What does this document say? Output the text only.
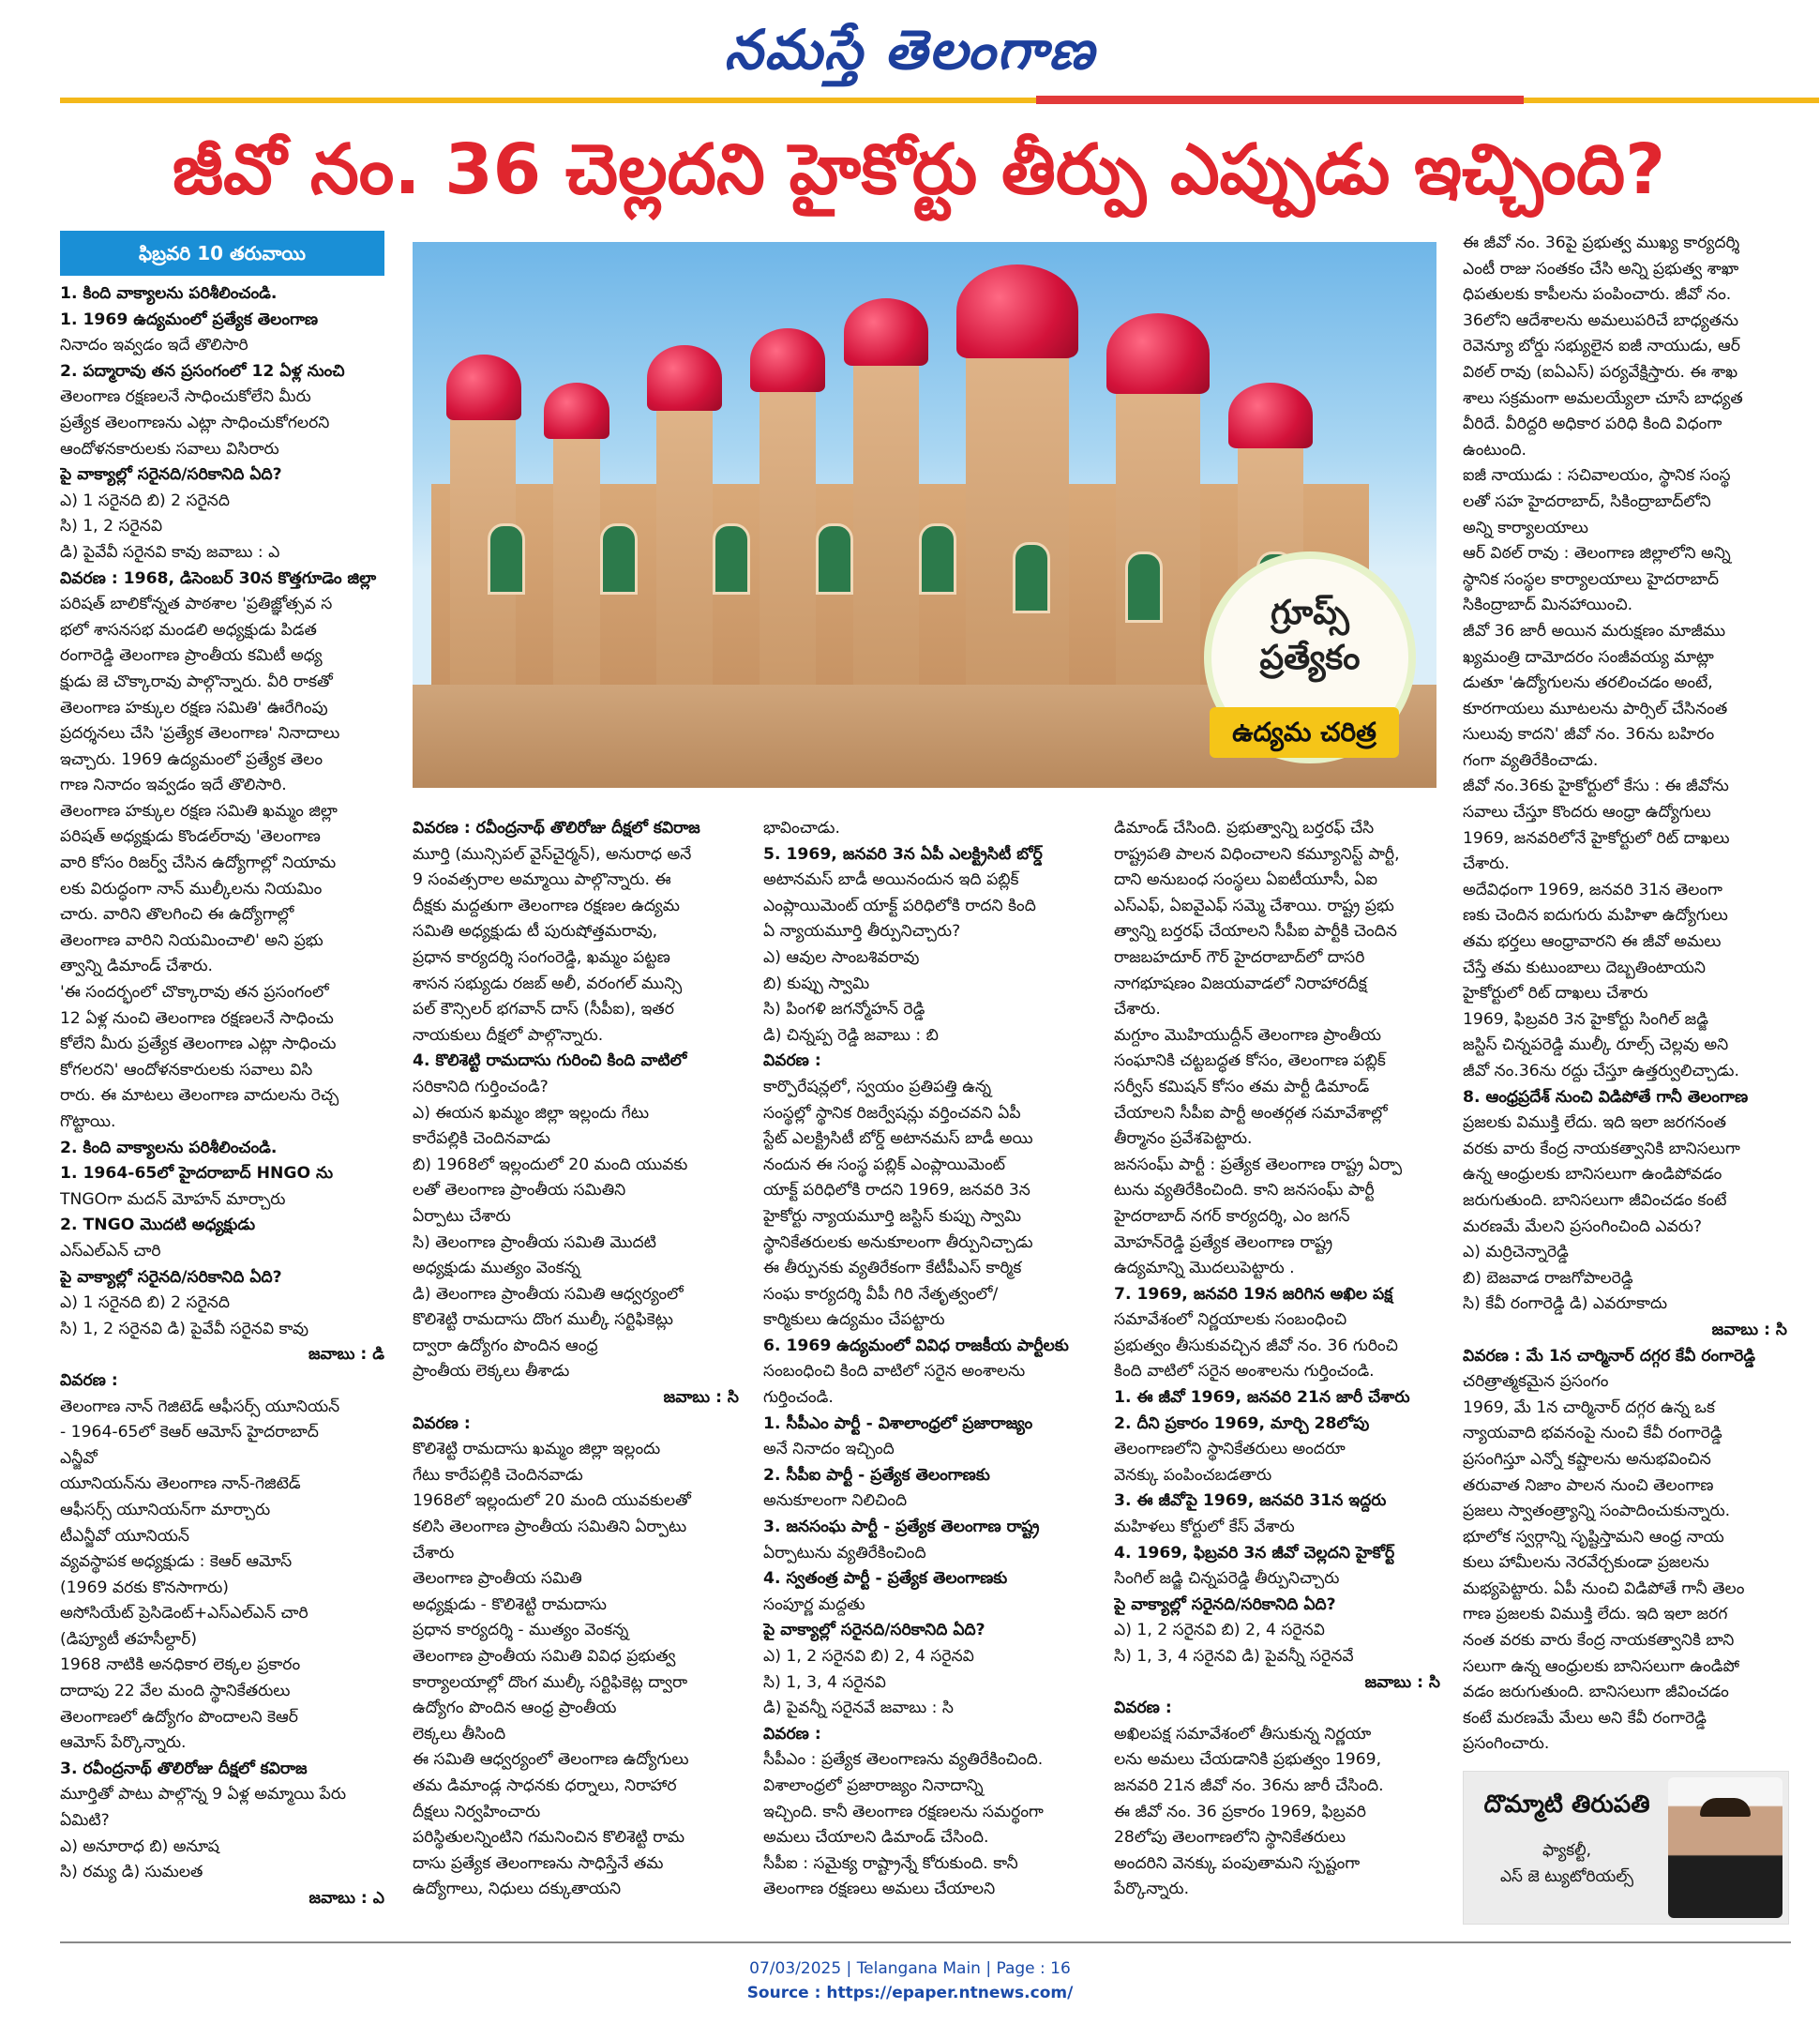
నమస్తే తెలంగాణ
జీవో నం. 36 చెల్లదని హైకోర్టు తీర్పు ఎప్పుడు ఇచ్చింది?
ఫిబ్రవరి 10 తరువాయి
గ్రూప్స్
ప్రత్యేకం
ఉద్యమ చరిత్ర

1. కింది వాక్యాలను పరిశీలించండి.

1. 1969 ఉద్యమంలో ప్రత్యేక తెలంగాణ

నినాదం ఇవ్వడం ఇదే తొలిసారి

2. పద్మారావు తన ప్రసంగంలో 12 ఏళ్ల నుంచి

తెలంగాణ రక్షణలనే సాధించుకోలేని మీరు

ప్రత్యేక తెలంగాణను ఎట్లా సాధించుకోగలరని

ఆందోళనకారులకు సవాలు విసిరారు

పై వాక్యాల్లో సరైనది/సరికానిది ఏది?

ఎ) 1 సరైనది బి) 2 సరైనది

సి) 1, 2 సరైనవి

డి) పైవేవీ సరైనవి కావు జవాబు : ఎ

వివరణ : 1968, డిసెంబర్ 30న కొత్తగూడెం జిల్లా

పరిషత్ బాలికోన్నత పాఠశాల 'ప్రతిజ్ఞోత్సవ స

భలో శాసనసభ మండలి అధ్యక్షుడు పిడత

రంగారెడ్డి తెలంగాణ ప్రాంతీయ కమిటీ అధ్య

క్షుడు జె చొక్కారావు పాల్గొన్నారు. వీరి రాకతో

తెలంగాణ హక్కుల రక్షణ సమితి' ఊరేగింపు

ప్రదర్శనలు చేసి 'ప్రత్యేక తెలంగాణ' నినాదాలు

ఇచ్చారు. 1969 ఉద్యమంలో ప్రత్యేక తెలం

గాణ నినాదం ఇవ్వడం ఇదే తొలిసారి.

తెలంగాణ హక్కుల రక్షణ సమితి ఖమ్మం జిల్లా

పరిషత్ అధ్యక్షుడు కొండల్‌రావు 'తెలంగాణ

వారి కోసం రిజర్వ్ చేసిన ఉద్యోగాల్లో నియామ

లకు విరుద్ధంగా నాన్ ముల్కీలను నియమిం

చారు. వారిని తొలగించి ఈ ఉద్యోగాల్లో

తెలంగాణ వారిని నియమించాలి' అని ప్రభు

త్వాన్ని డిమాండ్ చేశారు.

'ఈ సందర్భంలో చొక్కారావు తన ప్రసంగంలో

12 ఏళ్ల నుంచి తెలంగాణ రక్షణలనే సాధించు

కోలేని మీరు ప్రత్యేక తెలంగాణ ఎట్లా సాధించు

కోగలరని' ఆందోళనకారులకు సవాలు విసి

రారు. ఈ మాటలు తెలంగాణ వాదులను రెచ్చ

గొట్టాయి.

2. కింది వాక్యాలను పరిశీలించండి.

1. 1964-65లో హైదరాబాద్ HNGO ను

TNGOగా మదన్ మోహన్ మార్చారు

2. TNGO మొదటి అధ్యక్షుడు

ఎస్ఎల్ఎన్ చారి

పై వాక్యాల్లో సరైనది/సరికానిది ఏది?

ఎ) 1 సరైనది బి) 2 సరైనది

సి) 1, 2 సరైనవి డి) పైవేవీ సరైనవి కావు

జవాబు : డి

వివరణ :

తెలంగాణ నాన్ గెజిటెడ్ ఆఫీసర్స్ యూనియన్

- 1964-65లో కెఆర్ ఆమోస్ హైదరాబాద్

ఎన్జీవో

యూనియన్‌ను తెలంగాణ నాన్-గెజిటెడ్

ఆఫీసర్స్ యూనియన్‌గా మార్చారు

టీఎన్జీవో యూనియన్

వ్యవస్థాపక అధ్యక్షుడు : కెఆర్ ఆమోస్

(1969 వరకు కొనసాగారు)

అసోసియేట్ ప్రెసిడెంట్+ఎస్ఎల్ఎన్ చారి

(డిప్యూటీ తహసీల్దార్)

1968 నాటికి అనధికార లెక్కల ప్రకారం

దాదాపు 22 వేల మంది స్థానికేతరులు

తెలంగాణలో ఉద్యోగం పొందాలని కెఆర్

ఆమోస్ పేర్కొన్నారు.

3. రవీంద్రనాథ్ తొలిరోజు దీక్షలో కవిరాజ

మూర్తితో పాటు పాల్గొన్న 9 ఏళ్ల అమ్మాయి పేరు

ఏమిటి?

ఎ) అనూరాధ బి) అనూష

సి) రమ్య డి) సుమలత

జవాబు : ఎ

వివరణ : రవీంద్రనాథ్ తొలిరోజు దీక్షలో కవిరాజ

మూర్తి (మున్సిపల్ వైస్‌చైర్మన్), అనురాధ అనే

9 సంవత్సరాల అమ్మాయి పాల్గొన్నారు. ఈ

దీక్షకు మద్దతుగా తెలంగాణ రక్షణల ఉద్యమ

సమితి అధ్యక్షుడు టీ పురుషోత్తమరావు,

ప్రధాన కార్యదర్శి సంగంరెడ్డి, ఖమ్మం పట్టణ

శాసన సభ్యుడు రజబ్ అలీ, వరంగల్ మున్సి

పల్ కౌన్సిలర్ భగవాన్ దాస్ (సీపీఐ), ఇతర

నాయకులు దీక్షలో పాల్గొన్నారు.

4. కొలిశెట్టి రామదాసు గురించి కింది వాటిలో

సరికానిది గుర్తించండి?

ఎ) ఈయన ఖమ్మం జిల్లా ఇల్లందు గేటు

కారేపల్లికి చెందినవాడు

బి) 1968లో ఇల్లందులో 20 మంది యువకు

లతో తెలంగాణ ప్రాంతీయ సమితిని

ఏర్పాటు చేశారు

సి) తెలంగాణ ప్రాంతీయ సమితి మొదటి

అధ్యక్షుడు ముత్యం వెంకన్న

డి) తెలంగాణ ప్రాంతీయ సమితి ఆధ్వర్యంలో

కొలిశెట్టి రామదాసు దొంగ ముల్కీ సర్టిఫికెట్లు

ద్వారా ఉద్యోగం పొందిన ఆంధ్ర

ప్రాంతీయ లెక్కలు తీశాడు

జవాబు : సి

వివరణ :

కొలిశెట్టి రామదాసు ఖమ్మం జిల్లా ఇల్లందు

గేటు కారేపల్లికి చెందినవాడు

1968లో ఇల్లందులో 20 మంది యువకులతో

కలిసి తెలంగాణ ప్రాంతీయ సమితిని ఏర్పాటు

చేశారు

తెలంగాణ ప్రాంతీయ సమితి

అధ్యక్షుడు - కొలిశెట్టి రామదాసు

ప్రధాన కార్యదర్శి - ముత్యం వెంకన్న

తెలంగాణ ప్రాంతీయ సమితి వివిధ ప్రభుత్వ

కార్యాలయాల్లో దొంగ ముల్కీ సర్టిఫికెట్ల ద్వారా

ఉద్యోగం పొందిన ఆంధ్ర ప్రాంతీయ

లెక్కలు తీసింది

ఈ సమితి ఆధ్వర్యంలో తెలంగాణ ఉద్యోగులు

తమ డిమాండ్ల సాధనకు ధర్నాలు, నిరాహార

దీక్షలు నిర్వహించారు

పరిస్థితులన్నింటిని గమనించిన కొలిశెట్టి రామ

దాసు ప్రత్యేక తెలంగాణను సాధిస్తేనే తమ

ఉద్యోగాలు, నిధులు దక్కుతాయని

భావించాడు.

5. 1969, జనవరి 3న ఏపీ ఎలక్ట్రిసిటీ బోర్డ్

అటానమస్ బాడీ అయినందున ఇది పబ్లిక్

ఎంప్లాయిమెంట్ యాక్ట్ పరిధిలోకి రాదని కింది

ఏ న్యాయమూర్తి తీర్పునిచ్చారు?

ఎ) ఆవుల సాంబశివరావు

బి) కుప్పు స్వామి

సి) పింగళి జగన్మోహన్ రెడ్డి

డి) చిన్నప్ప రెడ్డి జవాబు : బి

వివరణ :

కార్పొరేషన్లలో, స్వయం ప్రతిపత్తి ఉన్న

సంస్థల్లో స్థానిక రిజర్వేషన్లు వర్తించవని ఏపీ

స్టేట్ ఎలక్ట్రిసిటీ బోర్డ్ అటానమస్ బాడీ అయి

నందున ఈ సంస్థ పబ్లిక్ ఎంప్లాయిమెంట్

యాక్ట్ పరిధిలోకి రాదని 1969, జనవరి 3న

హైకోర్టు న్యాయమూర్తి జస్టిస్ కుప్పు స్వామి

స్థానికేతరులకు అనుకూలంగా తీర్పునిచ్చాడు

ఈ తీర్పునకు వ్యతిరేకంగా కేటీపీఎస్ కార్మిక

సంఘ కార్యదర్శి వీపీ గిరి నేతృత్వంలో/

కార్మికులు ఉద్యమం చేపట్టారు

6. 1969 ఉద్యమంలో వివిధ రాజకీయ పార్టీలకు

సంబంధించి కింది వాటిలో సరైన అంశాలను

గుర్తించండి.

1. సీపీఎం పార్టీ - విశాలాంధ్రలో ప్రజారాజ్యం

అనే నినాదం ఇచ్చింది

2. సీపీఐ పార్టీ - ప్రత్యేక తెలంగాణకు

అనుకూలంగా నిలిచింది

3. జనసంఘ పార్టీ - ప్రత్యేక తెలంగాణ రాష్ట్ర

ఏర్పాటును వ్యతిరేకించింది

4. స్వతంత్ర పార్టీ - ప్రత్యేక తెలంగాణకు

సంపూర్ణ మద్దతు

పై వాక్యాల్లో సరైనది/సరికానిది ఏది?

ఎ) 1, 2 సరైనవి బి) 2, 4 సరైనవి

సి) 1, 3, 4 సరైనవి

డి) పైవన్నీ సరైనవే జవాబు : సి

వివరణ :

సీపీఎం : ప్రత్యేక తెలంగాణను వ్యతిరేకించింది.

విశాలాంధ్రలో ప్రజారాజ్యం నినాదాన్ని

ఇచ్చింది. కానీ తెలంగాణ రక్షణలను సమర్థంగా

అమలు చేయాలని డిమాండ్ చేసింది.

సీపీఐ : సమైక్య రాష్ట్రాన్నే కోరుకుంది. కానీ

తెలంగాణ రక్షణలు అమలు చేయాలని

డిమాండ్ చేసింది. ప్రభుత్వాన్ని బర్తరఫ్ చేసి

రాష్ట్రపతి పాలన విధించాలని కమ్యూనిస్ట్ పార్టీ,

దాని అనుబంధ సంస్థలు ఏఐటీయూసీ, ఏఐ

ఎస్ఎఫ్, ఏఐవైఎఫ్ సమ్మె చేశాయి. రాష్ట్ర ప్రభు

త్వాన్ని బర్తరఫ్ చేయాలని సీపీఐ పార్టీకి చెందిన

రాజబహదూర్ గౌర్ హైదరాబాద్‌లో దాసరి

నాగభూషణం విజయవాడలో నిరాహారదీక్ష

చేశారు.

మగ్దూం మొహియుద్దీన్ తెలంగాణ ప్రాంతీయ

సంఘానికి చట్టబద్ధత కోసం, తెలంగాణ పబ్లిక్

సర్వీస్ కమిషన్ కోసం తమ పార్టీ డిమాండ్

చేయాలని సీపీఐ పార్టీ అంతర్గత సమావేశాల్లో

తీర్మానం ప్రవేశపెట్టారు.

జనసంఘ్ పార్టీ : ప్రత్యేక తెలంగాణ రాష్ట్ర ఏర్పా

టును వ్యతిరేకించింది. కాని జనసంఘ్ పార్టీ

హైదరాబాద్ నగర్ కార్యదర్శి, ఎం జగన్

మోహన్‌రెడ్డి ప్రత్యేక తెలంగాణ రాష్ట్ర

ఉద్యమాన్ని మొదలుపెట్టారు .

7. 1969, జనవరి 19న జరిగిన అఖిల పక్ష

సమావేశంలో నిర్ణయాలకు సంబంధించి

ప్రభుత్వం తీసుకువచ్చిన జీవో నం. 36 గురించి

కింది వాటిలో సరైన అంశాలను గుర్తించండి.

1. ఈ జీవో 1969, జనవరి 21న జారీ చేశారు

2. దీని ప్రకారం 1969, మార్చి 28లోపు

తెలంగాణలోని స్థానికేతరులు అందరూ

వెనక్కు పంపించబడతారు

3. ఈ జీవోపై 1969, జనవరి 31న ఇద్దరు

మహిళలు కోర్టులో కేస్ వేశారు

4. 1969, ఫిబ్రవరి 3న జీవో చెల్లదని హైకోర్ట్

సింగిల్ జడ్జి చిన్నపరెడ్డి తీర్పునిచ్చారు

పై వాక్యాల్లో సరైనది/సరికానిది ఏది?

ఎ) 1, 2 సరైనవి బి) 2, 4 సరైనవి

సి) 1, 3, 4 సరైనవి డి) పైవన్నీ సరైనవే

జవాబు : సి

వివరణ :

అఖిలపక్ష సమావేశంలో తీసుకున్న నిర్ణయా

లను అమలు చేయడానికి ప్రభుత్వం 1969,

జనవరి 21న జీవో నం. 36ను జారీ చేసింది.

ఈ జీవో నం. 36 ప్రకారం 1969, ఫిబ్రవరి

28లోపు తెలంగాణలోని స్థానికేతరులు

అందరిని వెనక్కు పంపుతామని స్పష్టంగా

పేర్కొన్నారు.

ఈ జీవో నం. 36పై ప్రభుత్వ ముఖ్య కార్యదర్శి

ఎంటీ రాజు సంతకం చేసి అన్ని ప్రభుత్వ శాఖా

ధిపతులకు కాపీలను పంపించారు. జీవో నం.

36లోని ఆదేశాలను అమలుపరిచే బాధ్యతను

రెవెన్యూ బోర్డు సభ్యులైన ఐజీ నాయుడు, ఆర్

విఠల్ రావు (ఐఏఎస్) పర్యవేక్షిస్తారు. ఈ శాఖ

శాలు సక్రమంగా అమలయ్యేలా చూసే బాధ్యత

వీరిదే. వీరిద్దరి అధికార పరిధి కింది విధంగా

ఉంటుంది.

ఐజీ నాయుడు : సచివాలయం, స్థానిక సంస్థ

లతో సహ హైదరాబాద్, సికింద్రాబాద్‌లోని

అన్ని కార్యాలయాలు

ఆర్ విఠల్ రావు : తెలంగాణ జిల్లాలోని అన్ని

స్థానిక సంస్థల కార్యాలయాలు హైదరాబాద్

సికింద్రాబాద్ మినహాయించి.

జీవో 36 జారీ అయిన మరుక్షణం మాజీము

ఖ్యమంత్రి దామోదరం సంజీవయ్య మాట్లా

డుతూ 'ఉద్యోగులను తరలించడం అంటే,

కూరగాయలు మూటలను పార్సిల్ చేసినంత

సులువు కాదని' జీవో నం. 36ను బహిరం

గంగా వ్యతిరేకించాడు.

జీవో నం.36కు హైకోర్టులో కేసు : ఈ జీవోను

సవాలు చేస్తూ కొందరు ఆంధ్రా ఉద్యోగులు

1969, జనవరిలోనే హైకోర్టులో రిట్ దాఖలు

చేశారు.

అదేవిధంగా 1969, జనవరి 31న తెలంగా

ణకు చెందిన ఐదుగురు మహిళా ఉద్యోగులు

తమ భర్తలు ఆంధ్రావారని ఈ జీవో అమలు

చేస్తే తమ కుటుంబాలు దెబ్బతింటాయని

హైకోర్టులో రిట్ దాఖలు చేశారు

1969, ఫిబ్రవరి 3న హైకోర్టు సింగిల్ జడ్జి

జస్టిస్ చిన్నపరెడ్డి ముల్కీ రూల్స్ చెల్లవు అని

జీవో నం.36ను రద్దు చేస్తూ ఉత్తర్వులిచ్చాడు.

8. ఆంధ్రప్రదేశ్ నుంచి విడిపోతే గానీ తెలంగాణ

ప్రజలకు విముక్తి లేదు. ఇది ఇలా జరగనంత

వరకు వారు కేంద్ర నాయకత్వానికి బానిసలుగా

ఉన్న ఆంధ్రులకు బానిసలుగా ఉండిపోవడం

జరుగుతుంది. బానిసలుగా జీవించడం కంటే

మరణమే మేలని ప్రసంగించింది ఎవరు?

ఎ) మర్రిచెన్నారెడ్డి

బి) బెజవాడ రాజగోపాలరెడ్డి

సి) కేవీ రంగారెడ్డి డి) ఎవరూకాదు

జవాబు : సి

వివరణ : మే 1న చార్మినార్ దగ్గర కేవీ రంగారెడ్డి

చరిత్రాత్మకమైన ప్రసంగం

1969, మే 1న చార్మినార్ దగ్గర ఉన్న ఒక

న్యాయవాది భవనంపై నుంచి కేవీ రంగారెడ్డి

ప్రసంగిస్తూ ఎన్నో కష్టాలను అనుభవించిన

తరువాత నిజాం పాలన నుంచి తెలంగాణ

ప్రజలు స్వాతంత్ర్యాన్ని సంపాదించుకున్నారు.

భూలోక స్వర్గాన్ని సృష్టిస్తామని ఆంధ్ర నాయ

కులు హామీలను నెరవేర్చకుండా ప్రజలను

మభ్యపెట్టారు. ఏపీ నుంచి విడిపోతే గానీ తెలం

గాణ ప్రజలకు విముక్తి లేదు. ఇది ఇలా జరగ

నంత వరకు వారు కేంద్ర నాయకత్వానికి బాని

సలుగా ఉన్న ఆంధ్రులకు బానిసలుగా ఉండిపో

వడం జరుగుతుంది. బానిసలుగా జీవించడం

కంటే మరణమే మేలు అని కేవీ రంగారెడ్డి

ప్రసంగించారు.

దొమ్మాటి తిరుపతి
ఫ్యాకల్టీ,
ఎస్ జె ట్యుటోరియల్స్
07/03/2025 | Telangana Main | Page : 16
Source : https://epaper.ntnews.com/
